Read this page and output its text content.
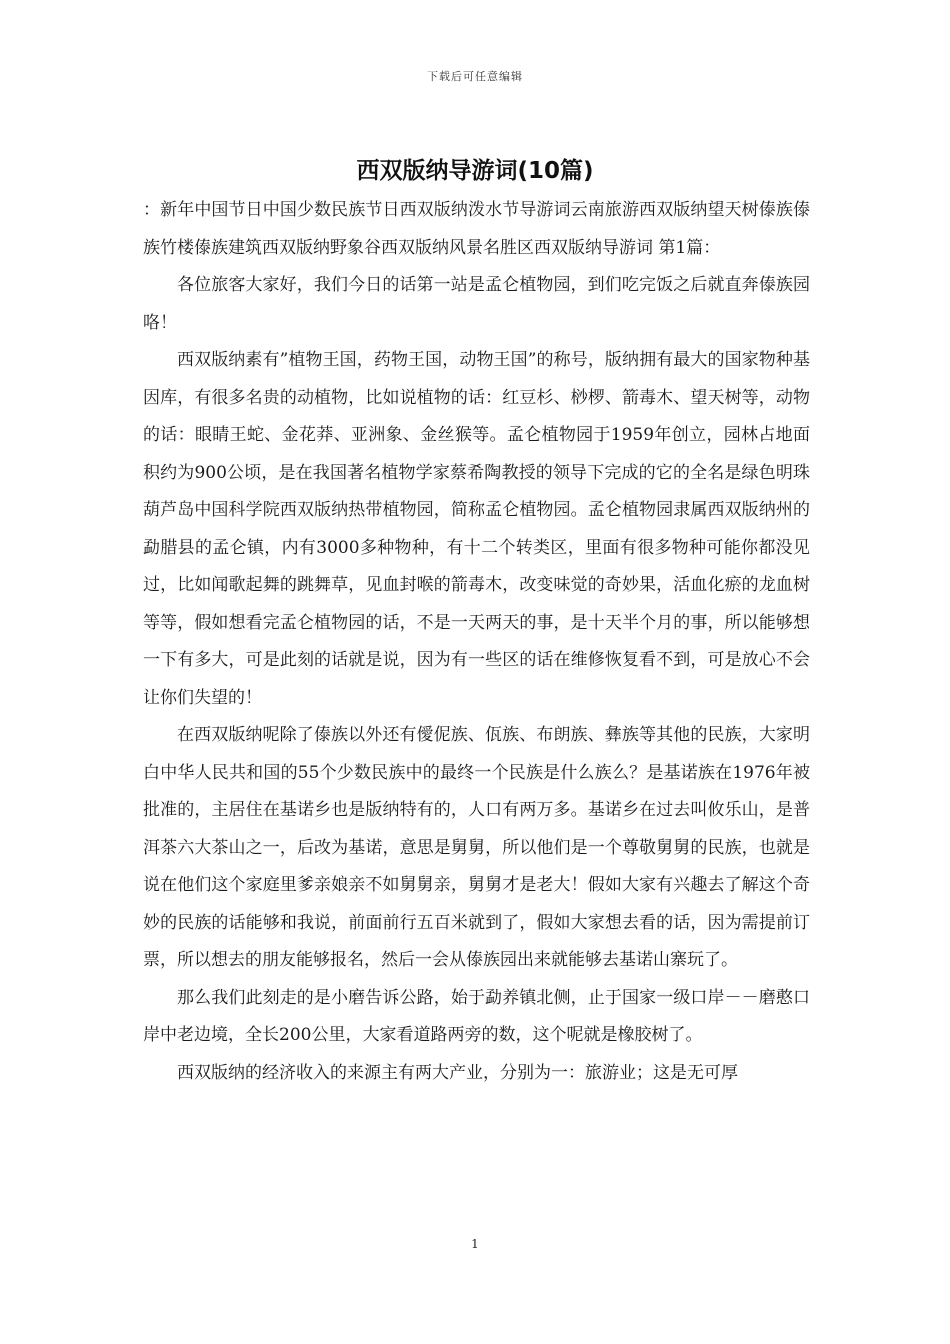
下载后可任意编辑
西双版纳导游词(10篇)

：新年中国节日中国少数民族节日西双版纳泼水节导游词云南旅游西双版纳望天树傣族傣族竹楼傣族建筑西双版纳野象谷西双版纳风景名胜区西双版纳导游词 第1篇：

各位旅客大家好，我们今日的话第一站是孟仑植物园，到们吃完饭之后就直奔傣族园咯！

西双版纳素有”植物王国，药物王国，动物王国”的称号，版纳拥有最大的国家物种基因库，有很多名贵的动植物，比如说植物的话：红豆杉、桫椤、箭毒木、望天树等，动物的话：眼睛王蛇、金花莽、亚洲象、金丝猴等。孟仑植物园于1959年创立，园林占地面积约为900公顷，是在我国著名植物学家蔡希陶教授的领导下完成的它的全名是绿色明珠葫芦岛中国科学院西双版纳热带植物园，简称孟仑植物园。孟仑植物园隶属西双版纳州的勐腊县的孟仑镇，内有3000多种物种，有十二个转类区，里面有很多物种可能你都没见过，比如闻歌起舞的跳舞草，见血封喉的箭毒木，改变味觉的奇妙果，活血化瘀的龙血树等等，假如想看完孟仑植物园的话，不是一天两天的事，是十天半个月的事，所以能够想一下有多大，可是此刻的话就是说，因为有一些区的话在维修恢复看不到，可是放心不会让你们失望的！

在西双版纳呢除了傣族以外还有僾伲族、佤族、布朗族、彝族等其他的民族，大家明白中华人民共和国的55个少数民族中的最终一个民族是什么族么？是基诺族在1976年被批准的，主居住在基诺乡也是版纳特有的，人口有两万多。基诺乡在过去叫攸乐山，是普洱茶六大茶山之一，后改为基诺，意思是舅舅，所以他们是一个尊敬舅舅的民族，也就是说在他们这个家庭里爹亲娘亲不如舅舅亲，舅舅才是老大！假如大家有兴趣去了解这个奇妙的民族的话能够和我说，前面前行五百米就到了，假如大家想去看的话，因为需提前订票，所以想去的朋友能够报名，然后一会从傣族园出来就能够去基诺山寨玩了。

那么我们此刻走的是小磨告诉公路，始于勐养镇北侧，止于国家一级口岸－－磨憨口岸中老边境，全长200公里，大家看道路两旁的数，这个呢就是橡胶树了。

西双版纳的经济收入的来源主有两大产业，分别为一：旅游业；这是无可厚

1
